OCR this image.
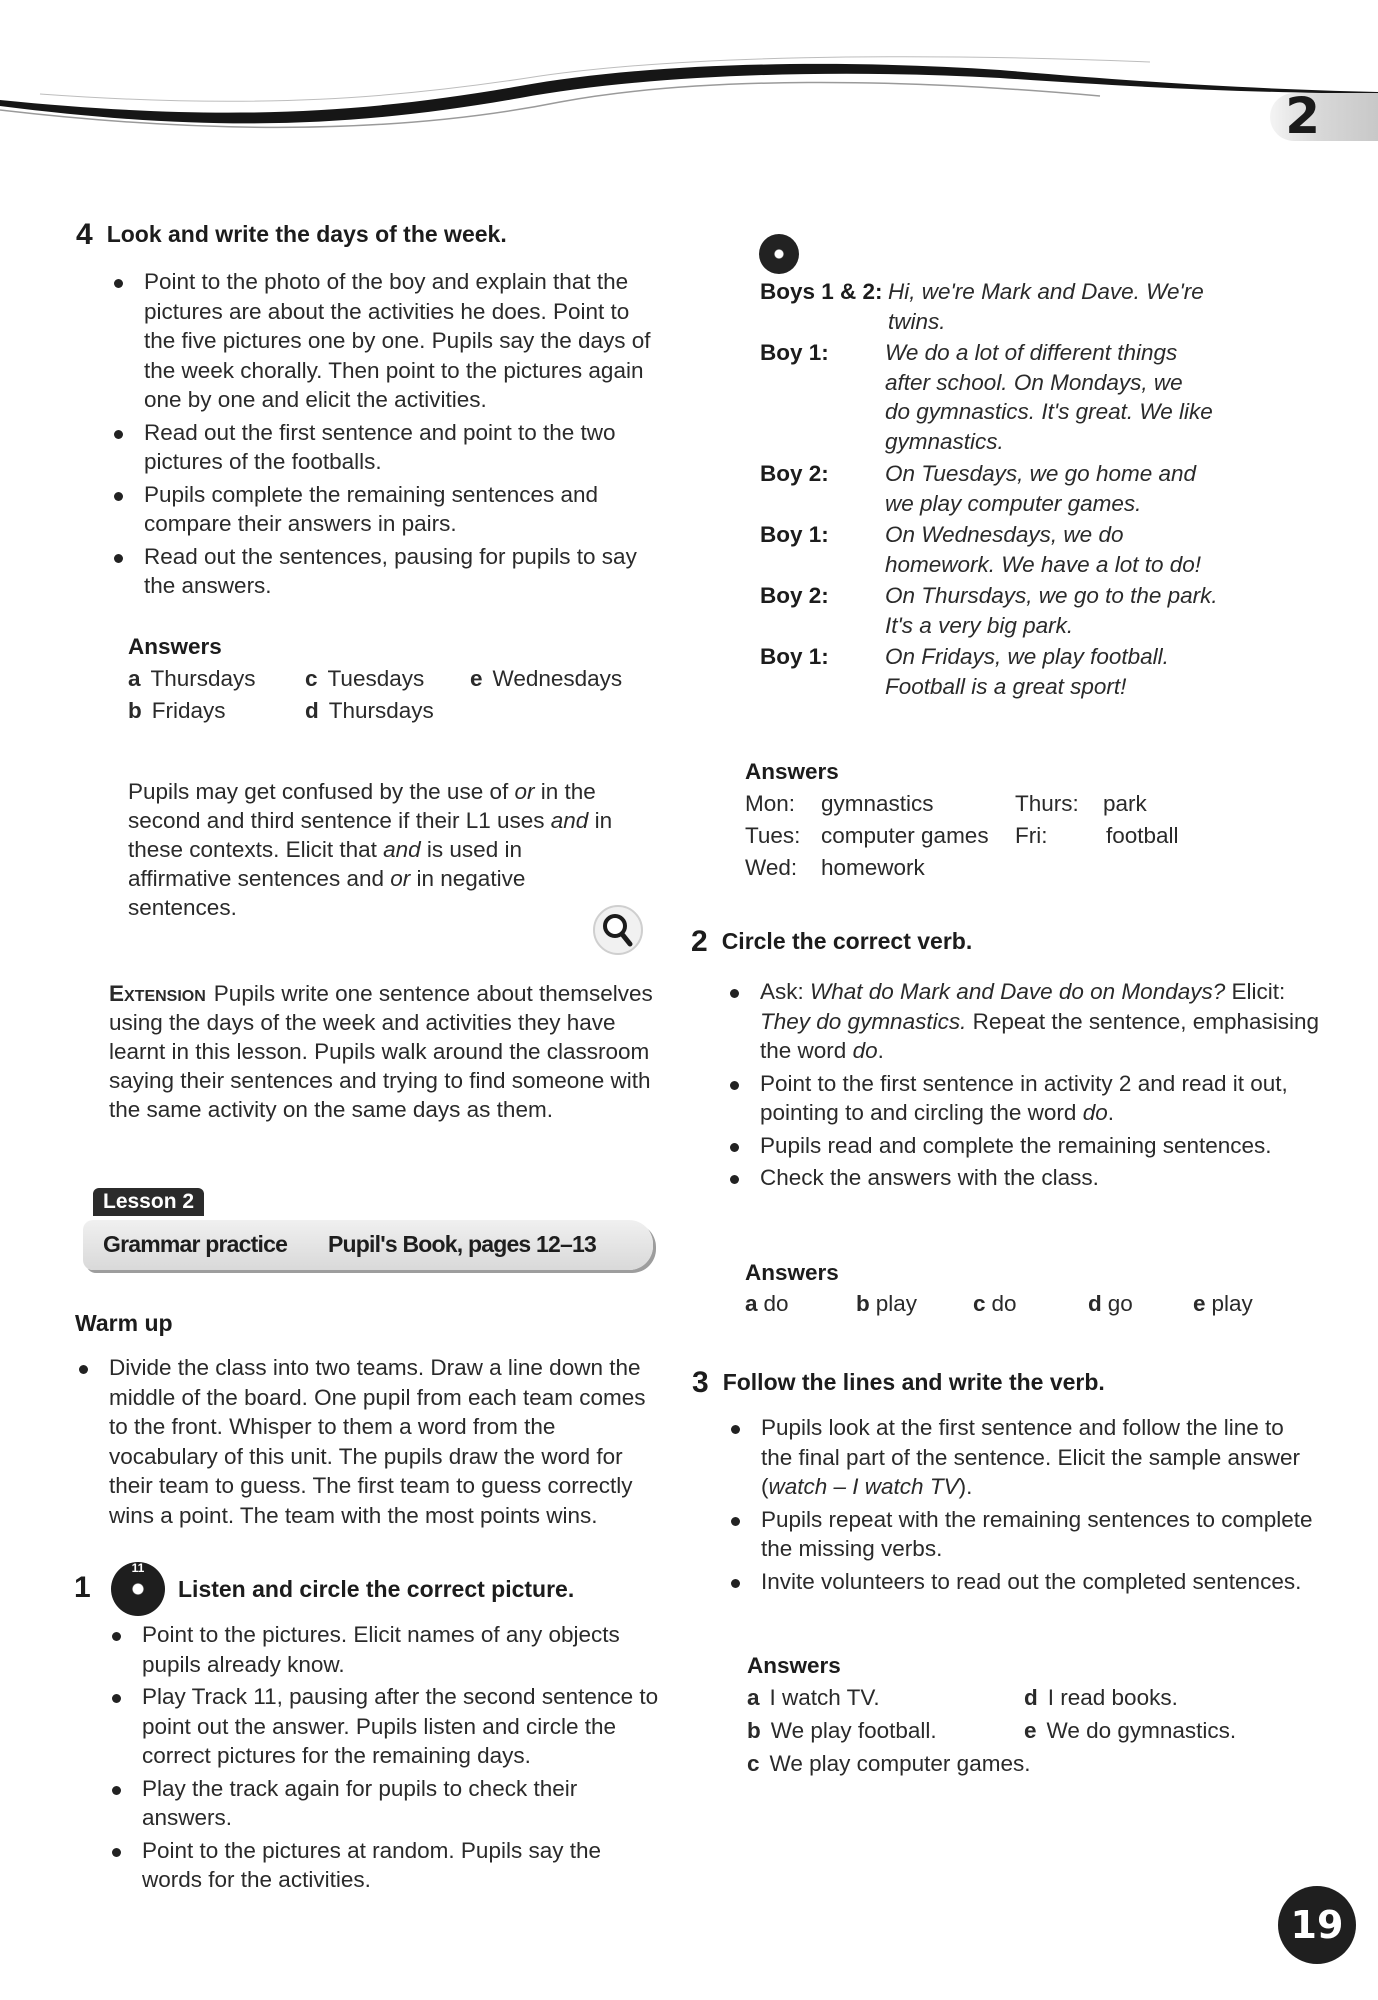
2
4 Look and write the days of the week.
Point to the photo of the boy and explain that the pictures are about the activities he does. Point to the five pictures one by one. Pupils say the days of the week chorally. Then point to the pictures again one by one and elicit the activities.
Read out the first sentence and point to the two pictures of the footballs.
Pupils complete the remaining sentences and compare their answers in pairs.
Read out the sentences, pausing for pupils to say the answers.
Answers
a Thursdays
b Fridays
c Tuesdays
d Thursdays
e Wednesdays
Pupils may get confused by the use of or in the second and third sentence if their L1 uses and in these contexts. Elicit that and is used in affirmative sentences and or in negative sentences.
Extension Pupils write one sentence about themselves using the days of the week and activities they have learnt in this lesson. Pupils walk around the classroom saying their sentences and trying to find someone with the same activity on the same days as them.
Lesson 2
Grammar practice Pupil's Book, pages 12–13
Warm up
Divide the class into two teams. Draw a line down the middle of the board. One pupil from each team comes to the front. Whisper to them a word from the vocabulary of this unit. The pupils draw the word for their team to guess. The first team to guess correctly wins a point. The team with the most points wins.
1
11
Listen and circle the correct picture.
Point to the pictures. Elicit names of any objects pupils already know.
Play Track 11, pausing after the second sentence to point out the answer. Pupils listen and circle the correct pictures for the remaining days.
Play the track again for pupils to check their answers.
Point to the pictures at random. Pupils say the words for the activities.
Boys 1 & 2: Hi, we're Mark and Dave. We're
twins.
Boy 1: We do a lot of different things
after school. On Mondays, we
do gymnastics. It's great. We like
gymnastics.
Boy 2: On Tuesdays, we go home and
we play computer games.
Boy 1: On Wednesdays, we do
homework. We have a lot to do!
Boy 2: On Thursdays, we go to the park.
It's a very big park.
Boy 1: On Fridays, we play football.
Football is a great sport!
Answers
Mon: gymnastics
Tues: computer games
Wed: homework
Thurs: park
Fri:	football
2 Circle the correct verb.
Ask: What do Mark and Dave do on Mondays? Elicit: They do gymnastics. Repeat the sentence, emphasising the word do.
Point to the first sentence in activity 2 and read it out, pointing to and circling the word do.
Pupils read and complete the remaining sentences.
Check the answers with the class.
Answers
a do	b play c do	d go	e play
3 Follow the lines and write the verb.
Pupils look at the first sentence and follow the line to the final part of the sentence. Elicit the sample answer (watch – I watch TV).
Pupils repeat with the remaining sentences to complete the missing verbs.
Invite volunteers to read out the completed sentences.
Answers
a I watch TV.
b We play football.
c We play computer games.
d I read books.
e We do gymnastics.
19
